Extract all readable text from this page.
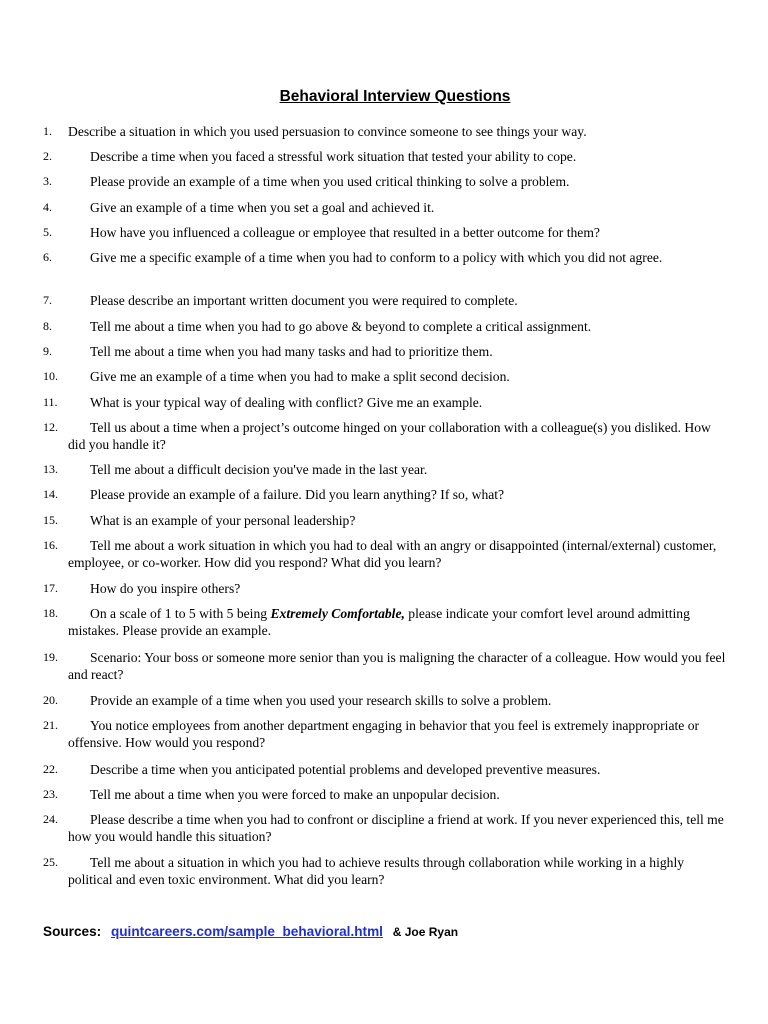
Behavioral Interview Questions
1. Describe a situation in which you used persuasion to convince someone to see things your way.
2.	Describe a time when you faced a stressful work situation that tested your ability to cope.
3.	Please provide an example of a time when you used critical thinking to solve a problem.
4.	Give an example of a time when you set a goal and achieved it.
5.	How have you influenced a colleague or employee that resulted in a better outcome for them?
6.	Give me a specific example of a time when you had to conform to a policy with which you did not agree.
7.	Please describe an important written document you were required to complete.
8.	Tell me about a time when you had to go above & beyond to complete a critical assignment.
9.	Tell me about a time when you had many tasks and had to prioritize them.
10.	Give me an example of a time when you had to make a split second decision.
11.	What is your typical way of dealing with conflict? Give me an example.
12.	Tell us about a time when a project’s outcome hinged on your collaboration with a colleague(s) you disliked. How did you handle it?
13.	Tell me about a difficult decision you've made in the last year.
14.	Please provide an example of a failure. Did you learn anything? If so, what?
15.	What is an example of your personal leadership?
16.	Tell me about a work situation in which you had to deal with an angry or disappointed (internal/external) customer, employee, or co-worker. How did you respond? What did you learn?
17.	How do you inspire others?
18.	On a scale of 1 to 5 with 5 being Extremely Comfortable, please indicate your comfort level around admitting mistakes. Please provide an example.
19.	Scenario: Your boss or someone more senior than you is maligning the character of a colleague. How would you feel and react?
20.	Provide an example of a time when you used your research skills to solve a problem.
21.	You notice employees from another department engaging in behavior that you feel is extremely inappropriate or offensive. How would you respond?
22.	Describe a time when you anticipated potential problems and developed preventive measures.
23.	Tell me about a time when you were forced to make an unpopular decision.
24.	Please describe a time when you had to confront or discipline a friend at work. If you never experienced this, tell me how you would handle this situation?
25.	Tell me about a situation in which you had to achieve results through collaboration while working in a highly political and even toxic environment. What did you learn?
Sources: quintcareers.com/sample_behavioral.html & Joe Ryan
